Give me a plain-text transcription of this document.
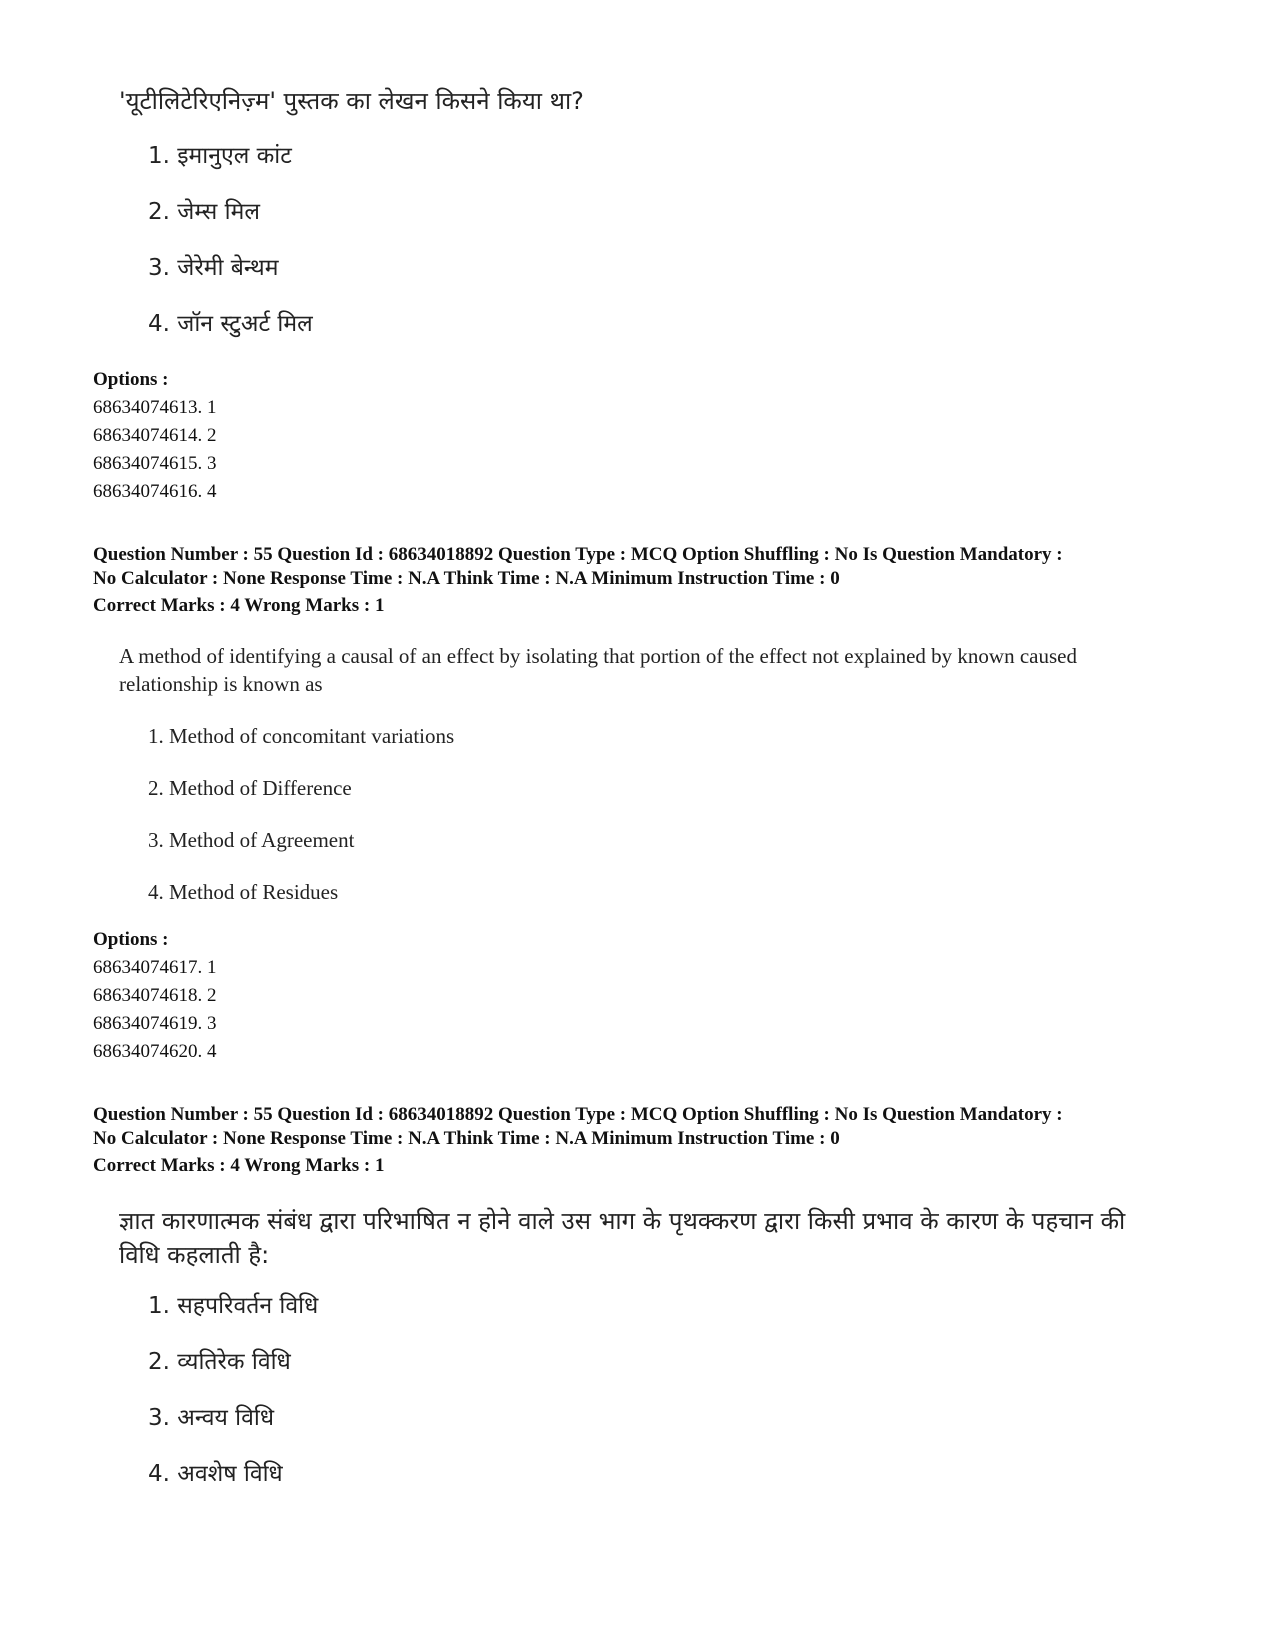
'यूटीलिटेरिएनिज़्म' पुस्तक का लेखन किसने किया था?
1. इमानुएल कांट
2. जेम्स मिल
3. जेरेमी बेन्थम
4. जॉन स्टुअर्ट मिल
Options :
68634074613. 1
68634074614. 2
68634074615. 3
68634074616. 4
Question Number : 55 Question Id : 68634018892 Question Type : MCQ Option Shuffling : No Is Question Mandatory :
No Calculator : None Response Time : N.A Think Time : N.A Minimum Instruction Time : 0
Correct Marks : 4 Wrong Marks : 1
A method of identifying a causal of an effect by isolating that portion of the effect not explained by known caused relationship is known as
1. Method of concomitant variations
2. Method of Difference
3. Method of Agreement
4. Method of Residues
Options :
68634074617. 1
68634074618. 2
68634074619. 3
68634074620. 4
Question Number : 55 Question Id : 68634018892 Question Type : MCQ Option Shuffling : No Is Question Mandatory :
No Calculator : None Response Time : N.A Think Time : N.A Minimum Instruction Time : 0
Correct Marks : 4 Wrong Marks : 1
ज्ञात कारणात्मक संबंध द्वारा परिभाषित न होने वाले उस भाग के पृथक्करण द्वारा किसी प्रभाव के कारण के पहचान की विधि कहलाती है:
1. सहपरिवर्तन विधि
2. व्यतिरेक विधि
3. अन्वय विधि
4. अवशेष विधि
